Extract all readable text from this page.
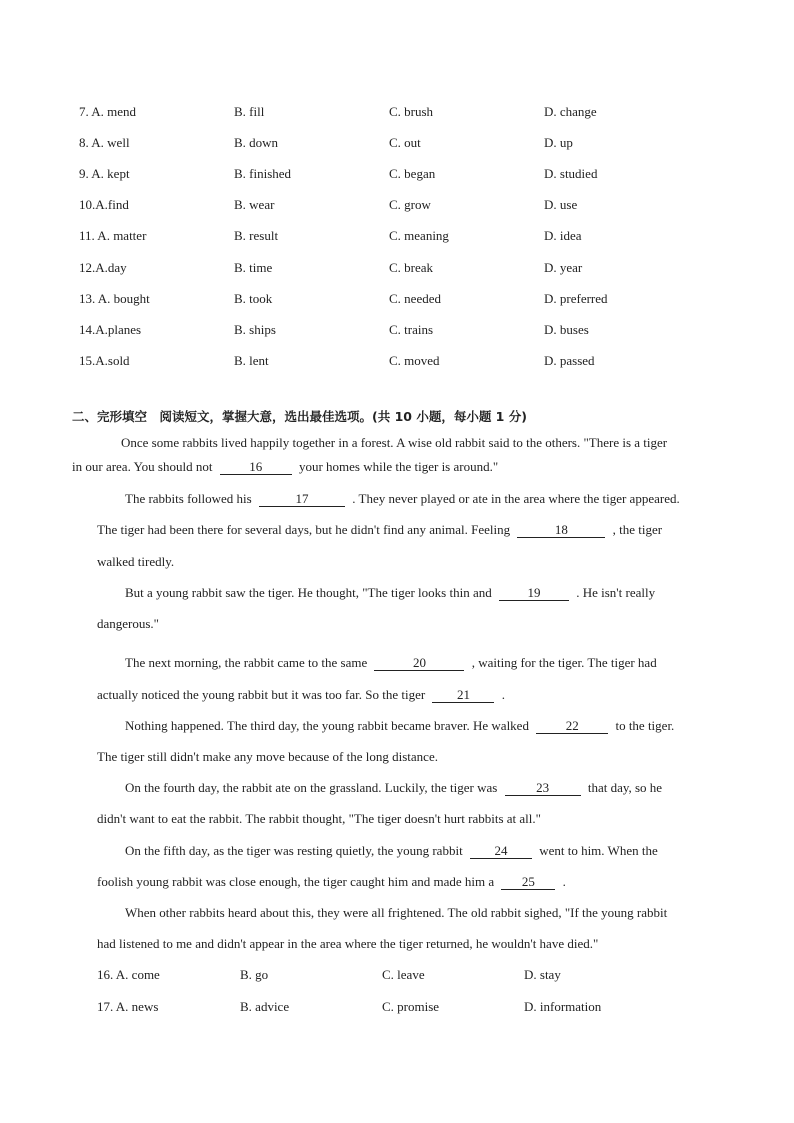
7. A. mend	B. fill	C. brush	D. change
8. A. well	B. down	C. out	D. up
9. A. kept	B. finished	C. began	D. studied
10.A.find	B. wear	C. grow	D. use
11. A. matter	B. result	C. meaning	D. idea
12.A.day	B. time	C. break	D. year
13. A. bought	B. took	C. needed	D. preferred
14.A.planes	B. ships	C. trains	D. buses
15.A.sold	B. lent	C. moved	D. passed
二、完形填空　阅读短文，掌握大意，选出最佳选项。(共 10 小题，每小题 1 分)
Once some rabbits lived happily together in a forest. A wise old rabbit said to the others. "There is a tiger
in our area. You should not	16	your homes while the tiger is around."
The rabbits followed his	17	. They never played or ate in the area where the tiger appeared.
The tiger had been there for several days, but he didn't find any animal. Feeling	18	, the tiger
walked tiredly.
But a young rabbit saw the tiger. He thought, "The tiger looks thin and	19	. He isn't really
dangerous."
The next morning, the rabbit came to the same	20	, waiting for the tiger. The tiger had
actually noticed the young rabbit but it was too far. So the tiger 21 .
Nothing happened. The third day, the young rabbit became braver. He walked	22	to the tiger.
The tiger still didn't make any move because of the long distance.
On the fourth day, the rabbit ate on the grassland. Luckily, the tiger was	23	that day, so he
didn't want to eat the rabbit. The rabbit thought, "The tiger doesn't hurt rabbits at all."
On the fifth day, as the tiger was resting quietly, the young rabbit 24 went to him. When the
foolish young rabbit was close enough, the tiger caught him and made him a 25 .
When other rabbits heard about this, they were all frightened. The old rabbit sighed, "If the young rabbit
had listened to me and didn't appear in the area where the tiger returned, he wouldn't have died."
16. A. come	B. go	C. leave	D. stay
17. A. news	B. advice	C. promise	D. information
